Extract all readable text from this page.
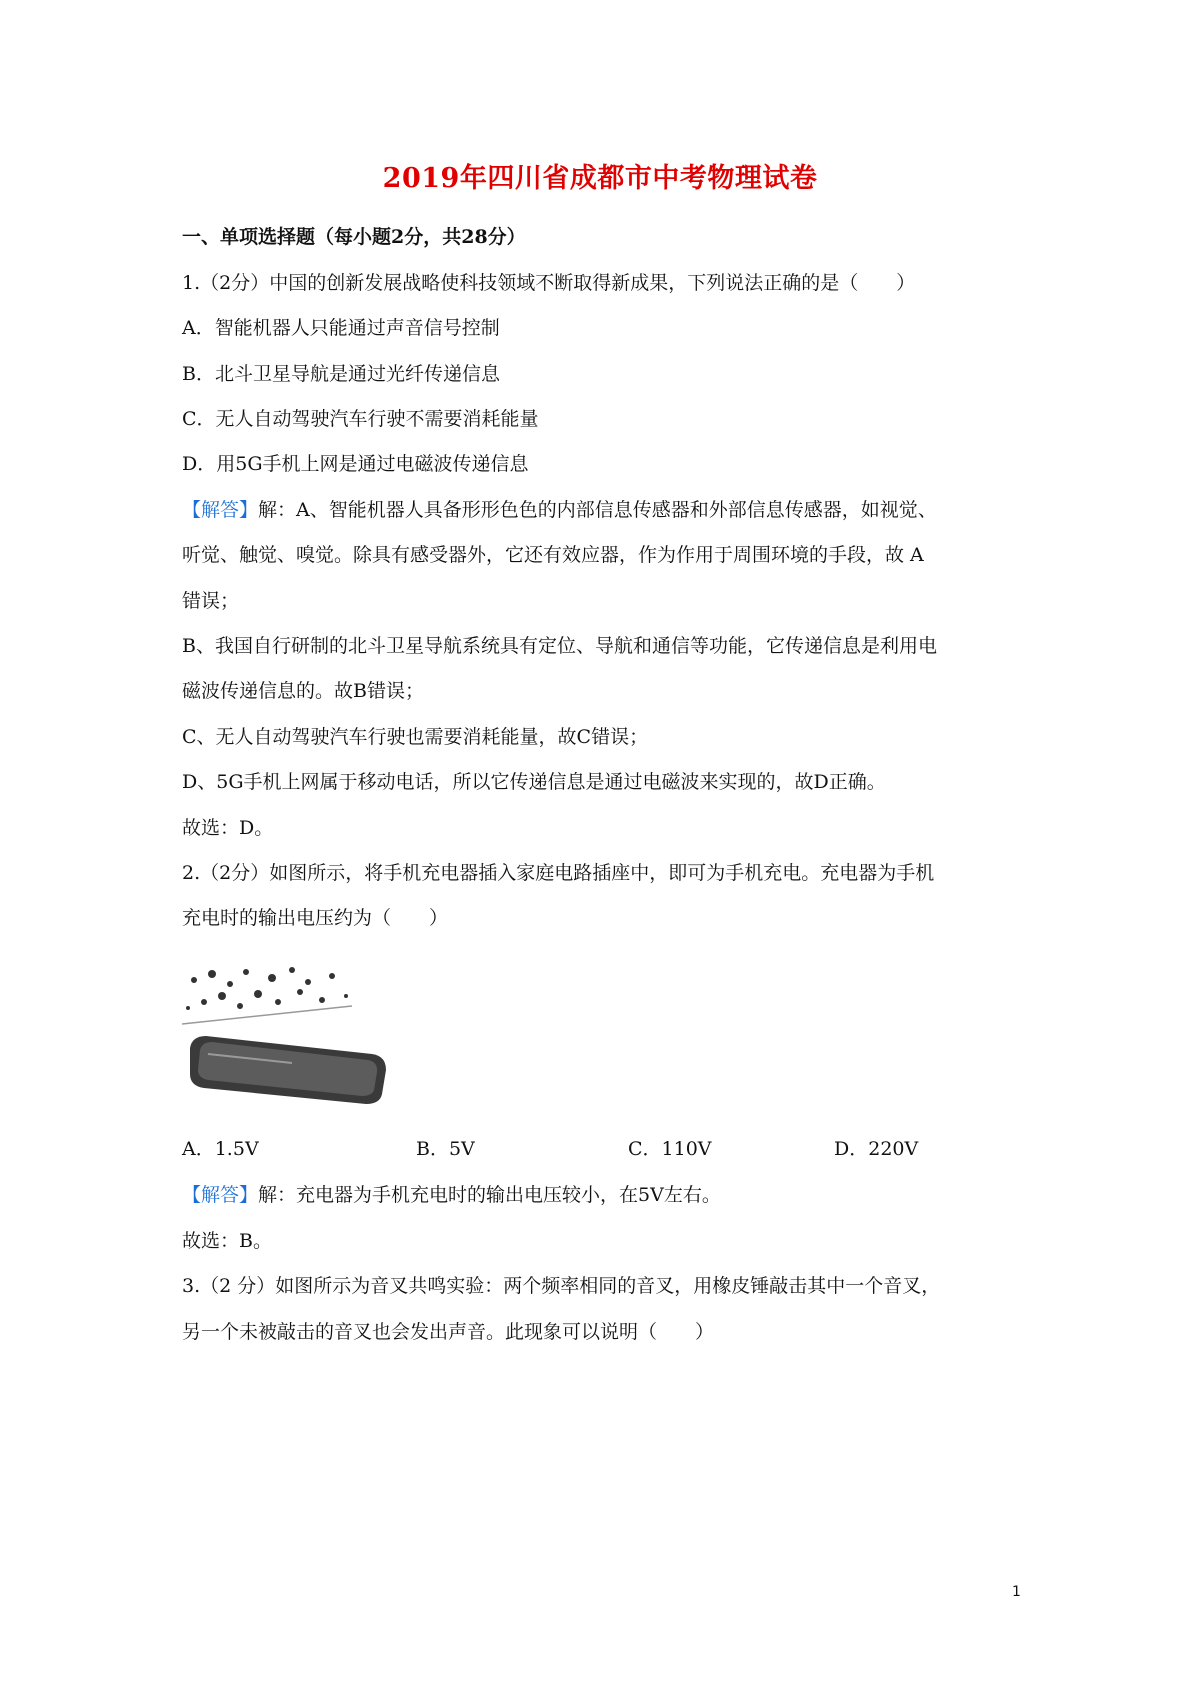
2019年四川省成都市中考物理试卷
一、单项选择题（每小题2分，共28分）
1.（2分）中国的创新发展战略使科技领域不断取得新成果，下列说法正确的是（　　）
A．智能机器人只能通过声音信号控制
B．北斗卫星导航是通过光纤传递信息
C．无人自动驾驶汽车行驶不需要消耗能量
D．用5G手机上网是通过电磁波传递信息
【解答】解：A、智能机器人具备形形色色的内部信息传感器和外部信息传感器，如视觉、
听觉、触觉、嗅觉。除具有感受器外，它还有效应器，作为作用于周围环境的手段，故 A
错误；
B、我国自行研制的北斗卫星导航系统具有定位、导航和通信等功能，它传递信息是利用电
磁波传递信息的。故B错误；
C、无人自动驾驶汽车行驶也需要消耗能量，故C错误；
D、5G手机上网属于移动电话，所以它传递信息是通过电磁波来实现的，故D正确。
故选：D。
2.（2分）如图所示，将手机充电器插入家庭电路插座中，即可为手机充电。充电器为手机
充电时的输出电压约为（　　）
A．1.5V	B．5V	C．110V	D．220V
【解答】解：充电器为手机充电时的输出电压较小，在5V左右。
故选：B。
3.（2 分）如图所示为音叉共鸣实验：两个频率相同的音叉，用橡皮锤敲击其中一个音叉，
另一个未被敲击的音叉也会发出声音。此现象可以说明（　　）
1
